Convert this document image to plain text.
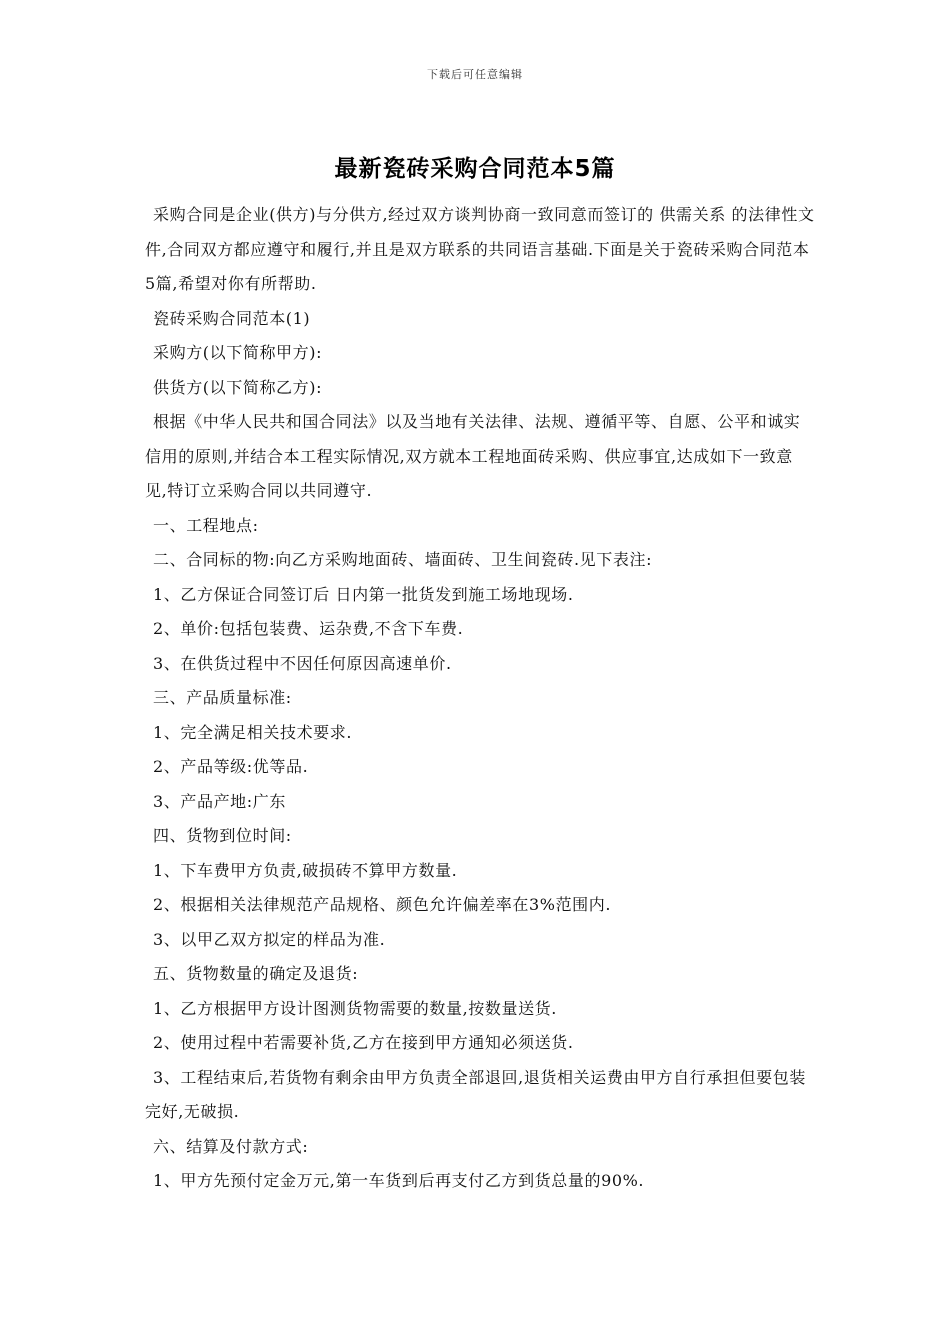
下载后可任意编辑
最新瓷砖采购合同范本5篇

采购合同是企业(供方)与分供方,经过双方谈判协商一致同意而签订的 供需关系 的法律性文件,合同双方都应遵守和履行,并且是双方联系的共同语言基础.下面是关于瓷砖采购合同范本5篇,希望对你有所帮助.

瓷砖采购合同范本(1)

采购方(以下简称甲方):

供货方(以下简称乙方):

根据《中华人民共和国合同法》以及当地有关法律、法规、遵循平等、自愿、公平和诚实信用的原则,并结合本工程实际情况,双方就本工程地面砖采购、供应事宜,达成如下一致意见,特订立采购合同以共同遵守.

一、工程地点:

二、合同标的物:向乙方采购地面砖、墙面砖、卫生间瓷砖.见下表注:

1、乙方保证合同签订后 日内第一批货发到施工场地现场.

2、单价:包括包装费、运杂费,不含下车费.

3、在供货过程中不因任何原因高速单价.

三、产品质量标准:

1、完全满足相关技术要求.

2、产品等级:优等品.

3、产品产地:广东

四、货物到位时间:

1、下车费甲方负责,破损砖不算甲方数量.

2、根据相关法律规范产品规格、颜色允许偏差率在3%范围内.

3、以甲乙双方拟定的样品为准.

五、货物数量的确定及退货:

1、乙方根据甲方设计图测货物需要的数量,按数量送货.

2、使用过程中若需要补货,乙方在接到甲方通知必须送货.

3、工程结束后,若货物有剩余由甲方负责全部退回,退货相关运费由甲方自行承担但要包装完好,无破损.

六、结算及付款方式:

1、甲方先预付定金万元,第一车货到后再支付乙方到货总量的90%.
